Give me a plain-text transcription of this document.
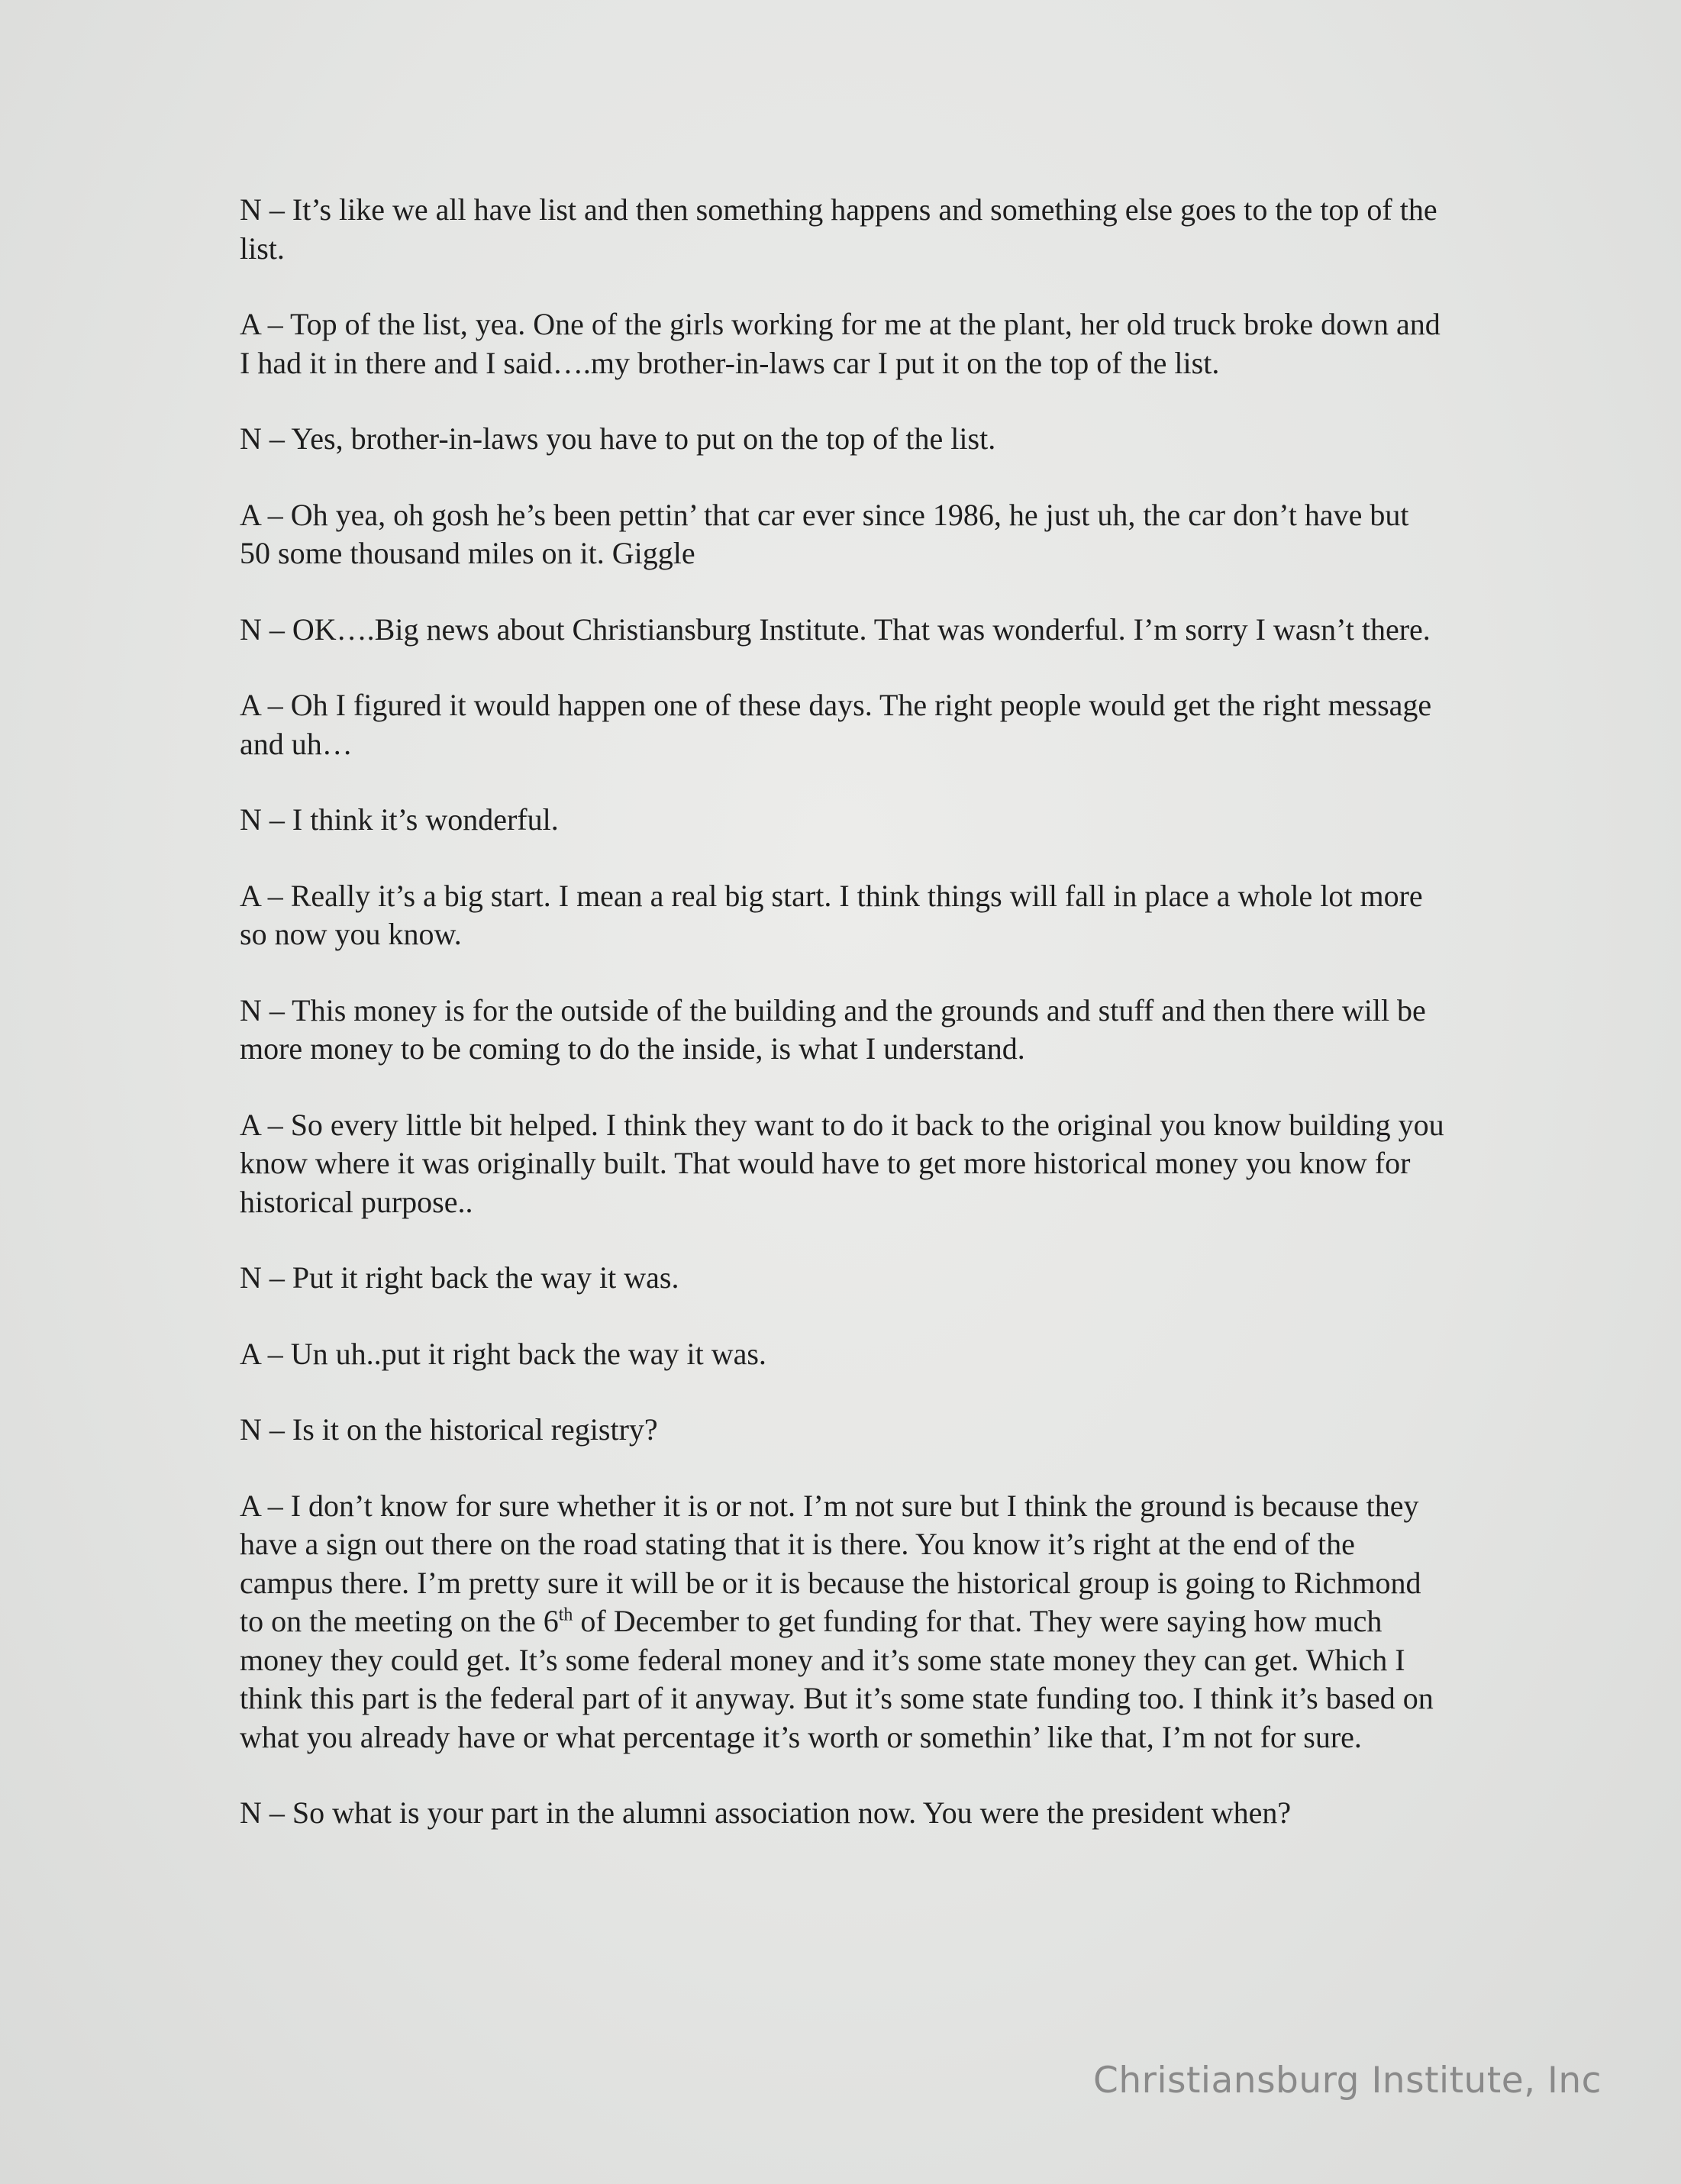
N – It’s like we all have list and then something happens and something else goes to the top of the list.

A – Top of the list, yea. One of the girls working for me at the plant, her old truck broke down and I had it in there and I said….my brother-in-laws car I put it on the top of the list.

N – Yes, brother-in-laws you have to put on the top of the list.

A – Oh yea, oh gosh he’s been pettin’ that car ever since 1986, he just uh, the car don’t have but 50 some thousand miles on it. Giggle

N – OK….Big news about Christiansburg Institute. That was wonderful. I’m sorry I wasn’t there.

A – Oh I figured it would happen one of these days. The right people would get the right message and uh…

N – I think it’s wonderful.

A – Really it’s a big start. I mean a real big start. I think things will fall in place a whole lot more so now you know.

N – This money is for the outside of the building and the grounds and stuff and then there will be more money to be coming to do the inside, is what I understand.

A – So every little bit helped. I think they want to do it back to the original you know building you know where it was originally built. That would have to get more historical money you know for historical purpose..

N – Put it right back the way it was.

A – Un uh..put it right back the way it was.

N – Is it on the historical registry?

A – I don’t know for sure whether it is or not. I’m not sure but I think the ground is because they have a sign out there on the road stating that it is there. You know it’s right at the end of the campus there. I’m pretty sure it will be or it is because the historical group is going to Richmond to on the meeting on the 6th of December to get funding for that. They were saying how much money they could get. It’s some federal money and it’s some state money they can get. Which I think this part is the federal part of it anyway. But it’s some state funding too. I think it’s based on what you already have or what percentage it’s worth or somethin’ like that, I’m not for sure.

N – So what is your part in the alumni association now. You were the president when?

Christiansburg Institute, Inc
